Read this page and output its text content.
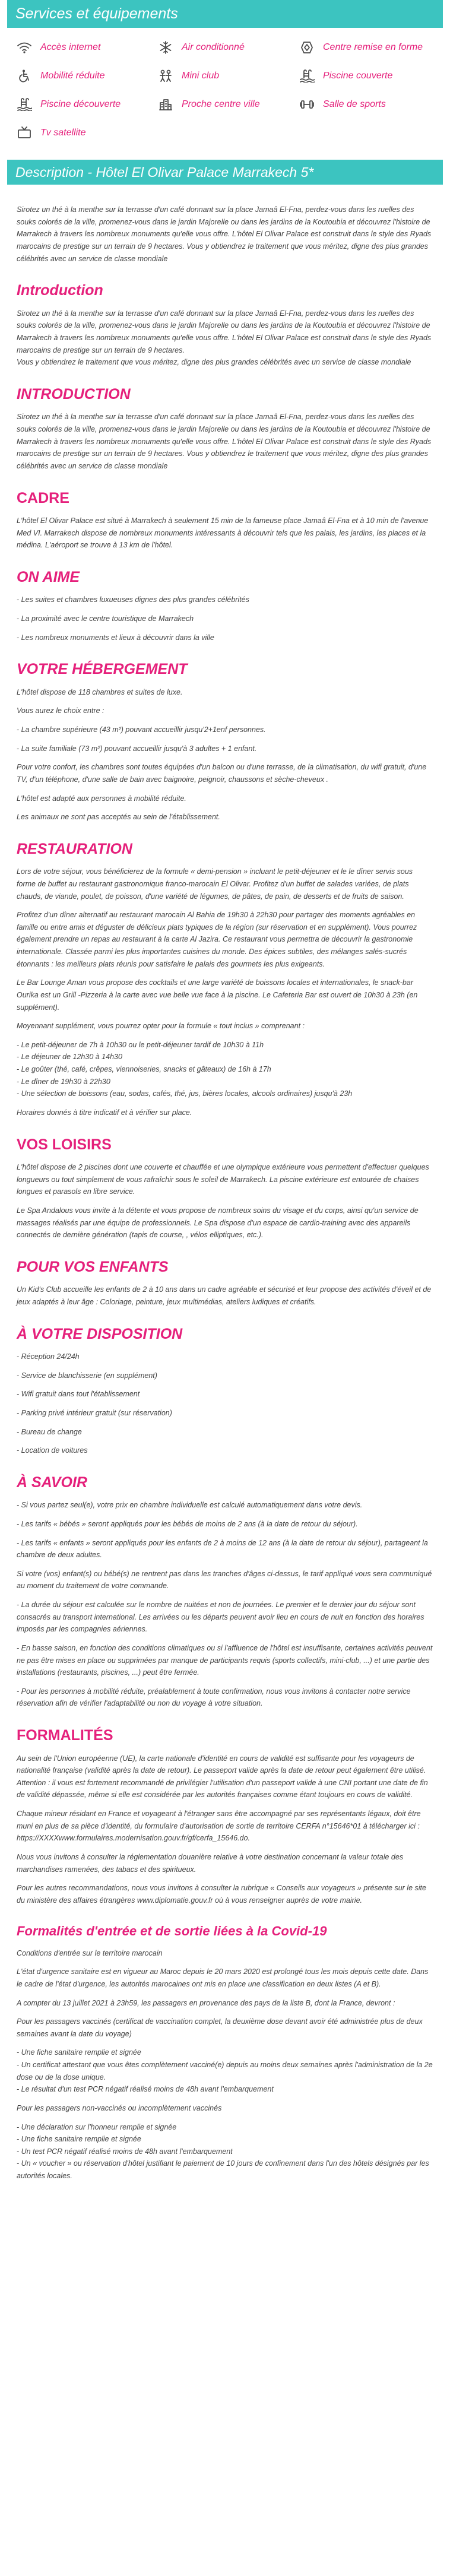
Services et équipements
Accès internet	Air conditionné	Centre remise en forme
Mobilité réduite	Mini club	Piscine couverte
Piscine découverte	Proche centre ville	Salle de sports
Tv satellite
Description - Hôtel El Olivar Palace Marrakech 5*

Sirotez un thé à la menthe sur la terrasse d'un café donnant sur la place Jamaâ El-Fna, perdez-vous dans les ruelles des souks colorés de la ville, promenez-vous dans le jardin Majorelle ou dans les jardins de la Koutoubia et découvrez l'histoire de Marrakech à travers les nombreux monuments qu'elle vous offre. L'hôtel El Olivar Palace est construit dans le style des Ryads marocains de prestige sur un terrain de 9 hectares. Vous y obtiendrez le traitement que vous méritez, digne des plus grandes célébrités avec un service de classe mondiale

Introduction

Sirotez un thé à la menthe sur la terrasse d'un café donnant sur la place Jamaâ El-Fna, perdez-vous dans les ruelles des souks colorés de la ville, promenez-vous dans le jardin Majorelle ou dans les jardins de la Koutoubia et découvrez l'histoire de Marrakech à travers les nombreux monuments qu'elle vous offre. L'hôtel El Olivar Palace est construit dans le style des Ryads marocains de prestige sur un terrain de 9 hectares.
Vous y obtiendrez le traitement que vous méritez, digne des plus grandes célébrités avec un service de classe mondiale

INTRODUCTION

Sirotez un thé à la menthe sur la terrasse d'un café donnant sur la place Jamaâ El-Fna, perdez-vous dans les ruelles des souks colorés de la ville, promenez-vous dans le jardin Majorelle ou dans les jardins de la Koutoubia et découvrez l'histoire de Marrakech à travers les nombreux monuments qu'elle vous offre. L'hôtel El Olivar Palace est construit dans le style des Ryads marocains de prestige sur un terrain de 9 hectares. Vous y obtiendrez le traitement que vous méritez, digne des plus grandes célébrités avec un service de classe mondiale

CADRE

L'hôtel El Olivar Palace est situé à Marrakech à seulement 15 min de la fameuse place Jamaâ El-Fna et à 10 min de l'avenue Med VI. Marrakech dispose de nombreux monuments intéressants à découvrir tels que les palais, les jardins, les places et la médina. L'aéroport se trouve à 13 km de l'hôtel.

ON AIME

- Les suites et chambres luxueuses dignes des plus grandes célébrités

- La proximité avec le centre touristique de Marrakech

- Les nombreux monuments et lieux à découvrir dans la ville

VOTRE HÉBERGEMENT

L'hôtel dispose de 118 chambres et suites de luxe.

Vous aurez le choix entre :

- La chambre supérieure (43 m²) pouvant accueillir jusqu'2+1enf personnes.

- La suite familiale (73 m²) pouvant accueillir jusqu'à 3 adultes + 1 enfant.

Pour votre confort, les chambres sont toutes équipées d'un balcon ou d'une terrasse, de la climatisation, du wifi gratuit, d'une TV, d'un téléphone, d'une salle de bain avec baignoire, peignoir, chaussons et sèche-cheveux .

L'hôtel est adapté aux personnes à mobilité réduite.

Les animaux ne sont pas acceptés au sein de l'établissement.

RESTAURATION

Lors de votre séjour, vous bénéficierez de la formule « demi-pension » incluant le petit-déjeuner et le le dîner servis sous forme de buffet au restaurant gastronomique franco-marocain El Olivar. Profitez d'un buffet de salades variées, de plats chauds, de viande, poulet, de poisson, d'une variété de légumes, de pâtes, de pain, de desserts et de fruits de saison.

Profitez d'un dîner alternatif au restaurant marocain Al Bahia de 19h30 à 22h30 pour partager des moments agréables en famille ou entre amis et déguster de délicieux plats typiques de la région (sur réservation et en supplément). Vous pourrez également prendre un repas au restaurant à la carte Al Jazira. Ce restaurant vous permettra de découvrir la gastronomie internationale. Classée parmi les plus importantes cuisines du monde. Des épices subtiles, des mélanges salés-sucrés étonnants : les meilleurs plats réunis pour satisfaire le palais des gourmets les plus exigeants.

Le Bar Lounge Aman vous propose des cocktails et une large variété de boissons locales et internationales, le snack-bar Ourika est un Grill -Pizzeria à la carte avec vue belle vue face à la piscine. Le Cafeteria Bar est ouvert de 10h30 à 23h (en supplément).

Moyennant supplément, vous pourrez opter pour la formule « tout inclus » comprenant :

- Le petit-déjeuner de 7h à 10h30 ou le petit-déjeuner tardif de 10h30 à 11h
- Le déjeuner de 12h30 à 14h30
- Le goûter (thé, café, crêpes, viennoiseries, snacks et gâteaux) de 16h à 17h
- Le dîner de 19h30 à 22h30
- Une sélection de boissons (eau, sodas, cafés, thé, jus, bières locales, alcools ordinaires) jusqu'à 23h

Horaires donnés à titre indicatif et à vérifier sur place.

VOS LOISIRS

L'hôtel dispose de 2 piscines dont une couverte et chauffée et une olympique extérieure vous permettent d'effectuer quelques longueurs ou tout simplement de vous rafraîchir sous le soleil de Marrakech. La piscine extérieure est entourée de chaises longues et parasols en libre service.

Le Spa Andalous vous invite à la détente et vous propose de nombreux soins du visage et du corps, ainsi qu'un service de massages réalisés par une équipe de professionnels. Le Spa dispose d'un espace de cardio-training avec des appareils connectés de dernière génération (tapis de course, , vélos elliptiques, etc.).

POUR VOS ENFANTS

Un Kid's Club accueille les enfants de 2 à 10 ans dans un cadre agréable et sécurisé et leur propose des activités d'éveil et de jeux adaptés à leur âge : Coloriage, peinture, jeux multimédias, ateliers ludiques et créatifs.

À VOTRE DISPOSITION

- Réception 24/24h

- Service de blanchisserie (en supplément)

- Wifi gratuit dans tout l'établissement

- Parking privé intérieur gratuit (sur réservation)

- Bureau de change

- Location de voitures

À SAVOIR

- Si vous partez seul(e), votre prix en chambre individuelle est calculé automatiquement dans votre devis.

- Les tarifs « bébés » seront appliqués pour les bébés de moins de 2 ans (à la date de retour du séjour).

- Les tarifs « enfants » seront appliqués pour les enfants de 2 à moins de 12 ans (à la date de retour du séjour), partageant la chambre de deux adultes.

Si votre (vos) enfant(s) ou bébé(s) ne rentrent pas dans les tranches d'âges ci-dessus, le tarif appliqué vous sera communiqué au moment du traitement de votre commande.

- La durée du séjour est calculée sur le nombre de nuitées et non de journées. Le premier et le dernier jour du séjour sont consacrés au transport international. Les arrivées ou les départs peuvent avoir lieu en cours de nuit en fonction des horaires imposés par les compagnies aériennes.

- En basse saison, en fonction des conditions climatiques ou si l'affluence de l'hôtel est insuffisante, certaines activités peuvent ne pas être mises en place ou supprimées par manque de participants requis (sports collectifs, mini-club, ...) et une partie des installations (restaurants, piscines, ...) peut être fermée.

- Pour les personnes à mobilité réduite, préalablement à toute confirmation, nous vous invitons à contacter notre service réservation afin de vérifier l'adaptabilité ou non du voyage à votre situation.

FORMALITÉS

Au sein de l'Union européenne (UE), la carte nationale d'identité en cours de validité est suffisante pour les voyageurs de nationalité française (validité après la date de retour). Le passeport valide après la date de retour peut également être utilisé. Attention : il vous est fortement recommandé de privilégier l'utilisation d'un passeport valide à une CNI portant une date de fin de validité dépassée, même si elle est considérée par les autorités françaises comme étant toujours en cours de validité.

Chaque mineur résidant en France et voyageant à l'étranger sans être accompagné par ses représentants légaux, doit être muni en plus de sa pièce d'identité, du formulaire d'autorisation de sortie de territoire CERFA n°15646*01 à télécharger ici : https://XXXXwww.formulaires.modernisation.gouv.fr/gf/cerfa_15646.do.

Nous vous invitons à consulter la réglementation douanière relative à votre destination concernant la valeur totale des marchandises ramenées, des tabacs et des spiritueux.

Pour les autres recommandations, nous vous invitons à consulter la rubrique « Conseils aux voyageurs » présente sur le site du ministère des affaires étrangères www.diplomatie.gouv.fr où à vous renseigner auprès de votre mairie.

Formalités d'entrée et de sortie liées à la Covid-19

Conditions d'entrée sur le territoire marocain

L'état d'urgence sanitaire est en vigueur au Maroc depuis le 20 mars 2020 est prolongé tous les mois depuis cette date. Dans le cadre de l'état d'urgence, les autorités marocaines ont mis en place une classification en deux listes (A et B).

A compter du 13 juillet 2021 à 23h59, les passagers en provenance des pays de la liste B, dont la France, devront :

Pour les passagers vaccinés (certificat de vaccination complet, la deuxième dose devant avoir été administrée plus de deux semaines avant la date du voyage)

- Une fiche sanitaire remplie et signée
- Un certificat attestant que vous êtes complètement vacciné(e) depuis au moins deux semaines après l'administration de la 2e dose ou de la dose unique.
- Le résultat d'un test PCR négatif réalisé moins de 48h avant l'embarquement

Pour les passagers non-vaccinés ou incomplètement vaccinés

- Une déclaration sur l'honneur remplie et signée
- Une fiche sanitaire remplie et signée
- Un test PCR négatif réalisé moins de 48h avant l'embarquement
- Un « voucher » ou réservation d'hôtel justifiant le paiement de 10 jours de confinement dans l'un des hôtels désignés par les autorités locales.
